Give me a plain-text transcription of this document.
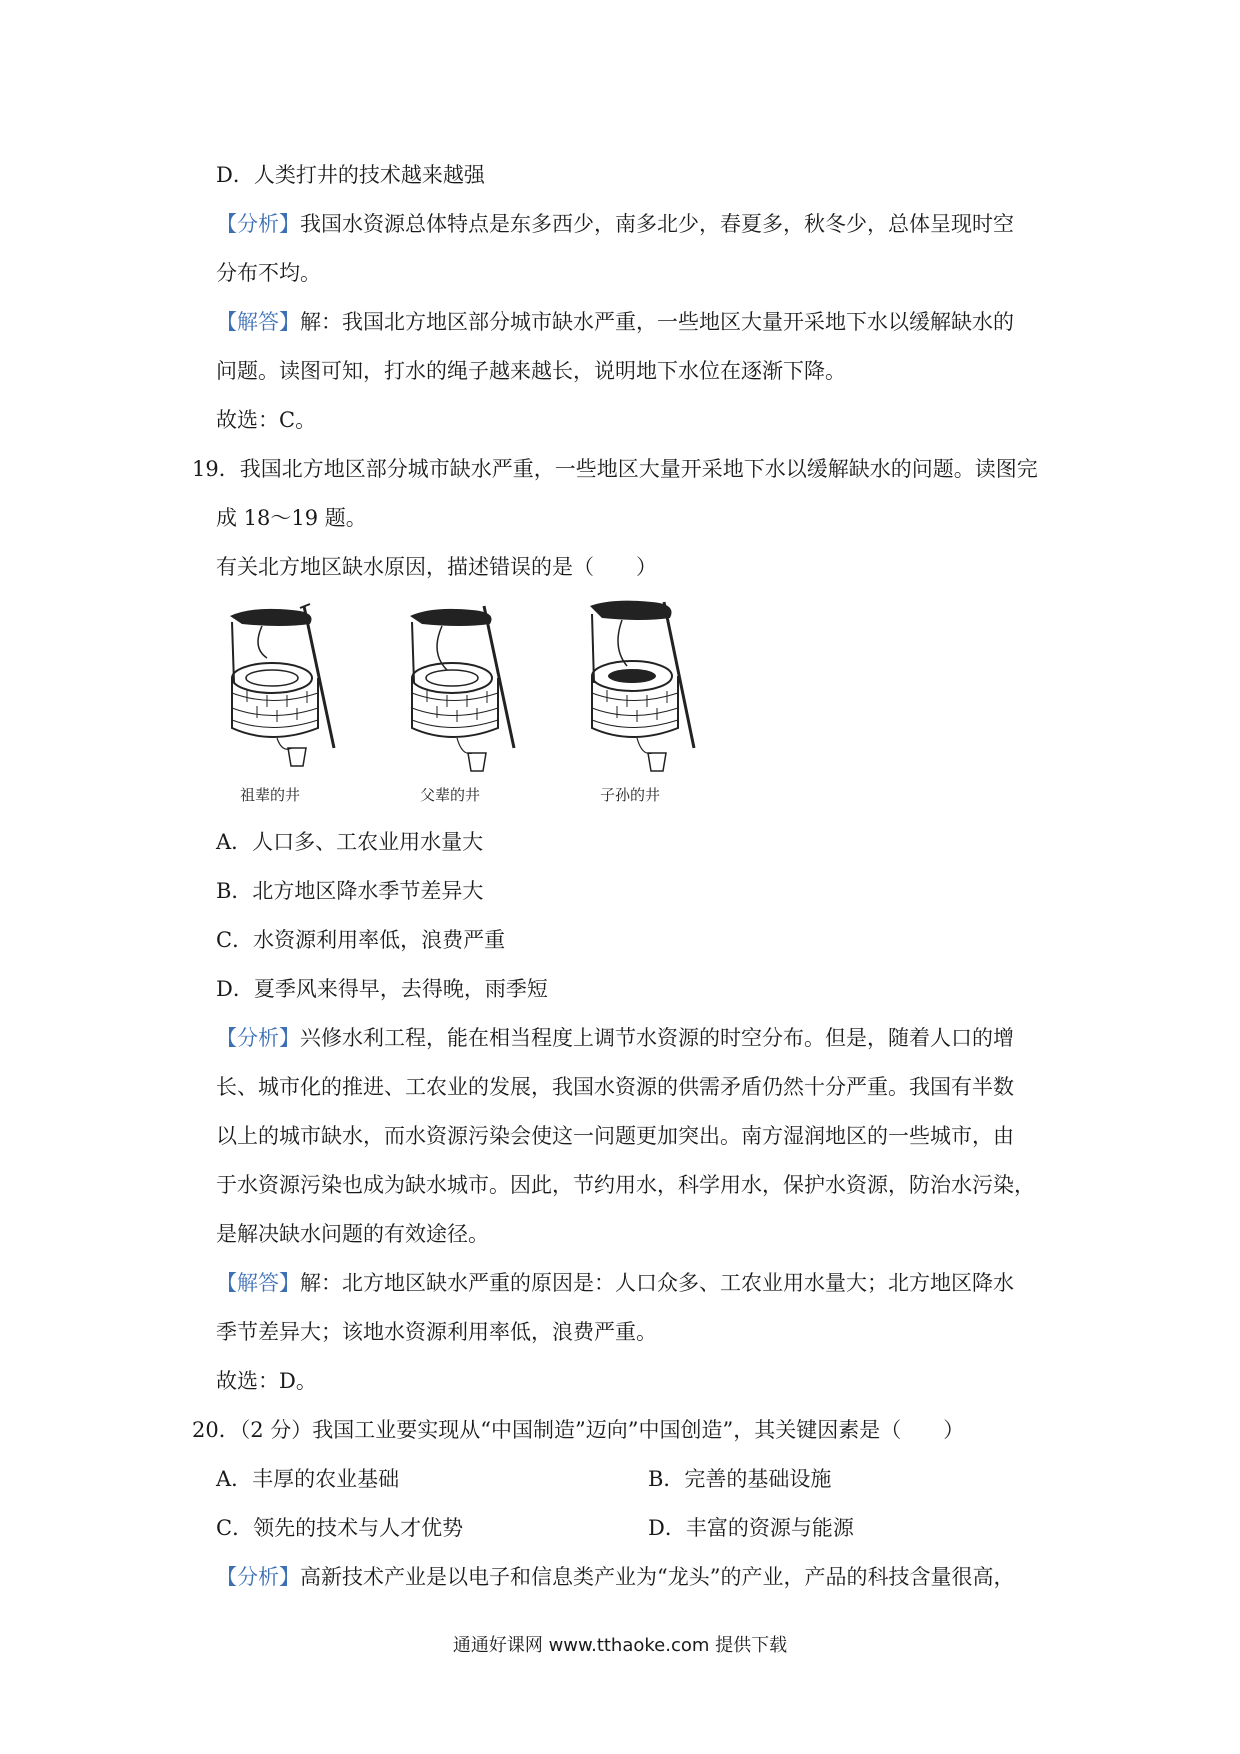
D．人类打井的技术越来越强
【分析】我国水资源总体特点是东多西少，南多北少，春夏多，秋冬少，总体呈现时空
分布不均。
【解答】解：我国北方地区部分城市缺水严重，一些地区大量开采地下水以缓解缺水的
问题。读图可知，打水的绳子越来越长，说明地下水位在逐渐下降。
故选：C。
19．我国北方地区部分城市缺水严重，一些地区大量开采地下水以缓解缺水的问题。读图完
成 18～19 题。
有关北方地区缺水原因，描述错误的是（　　）
祖辈的井	父辈的井	子孙的井
A．人口多、工农业用水量大
B．北方地区降水季节差异大
C．水资源利用率低，浪费严重
D．夏季风来得早，去得晚，雨季短
【分析】兴修水利工程，能在相当程度上调节水资源的时空分布。但是，随着人口的增
长、城市化的推进、工农业的发展，我国水资源的供需矛盾仍然十分严重。我国有半数
以上的城市缺水，而水资源污染会使这一问题更加突出。南方湿润地区的一些城市，由
于水资源污染也成为缺水城市。因此，节约用水，科学用水，保护水资源，防治水污染，
是解决缺水问题的有效途径。
【解答】解：北方地区缺水严重的原因是：人口众多、工农业用水量大；北方地区降水
季节差异大；该地水资源利用率低，浪费严重。
故选：D。
20．（2 分）我国工业要实现从“中国制造”迈向”中国创造”，其关键因素是（　　）
A．丰厚的农业基础	B．完善的基础设施
C．领先的技术与人才优势	D．丰富的资源与能源
【分析】高新技术产业是以电子和信息类产业为“龙头”的产业，产品的科技含量很高，
通通好课网 www.tthaoke.com 提供下载
